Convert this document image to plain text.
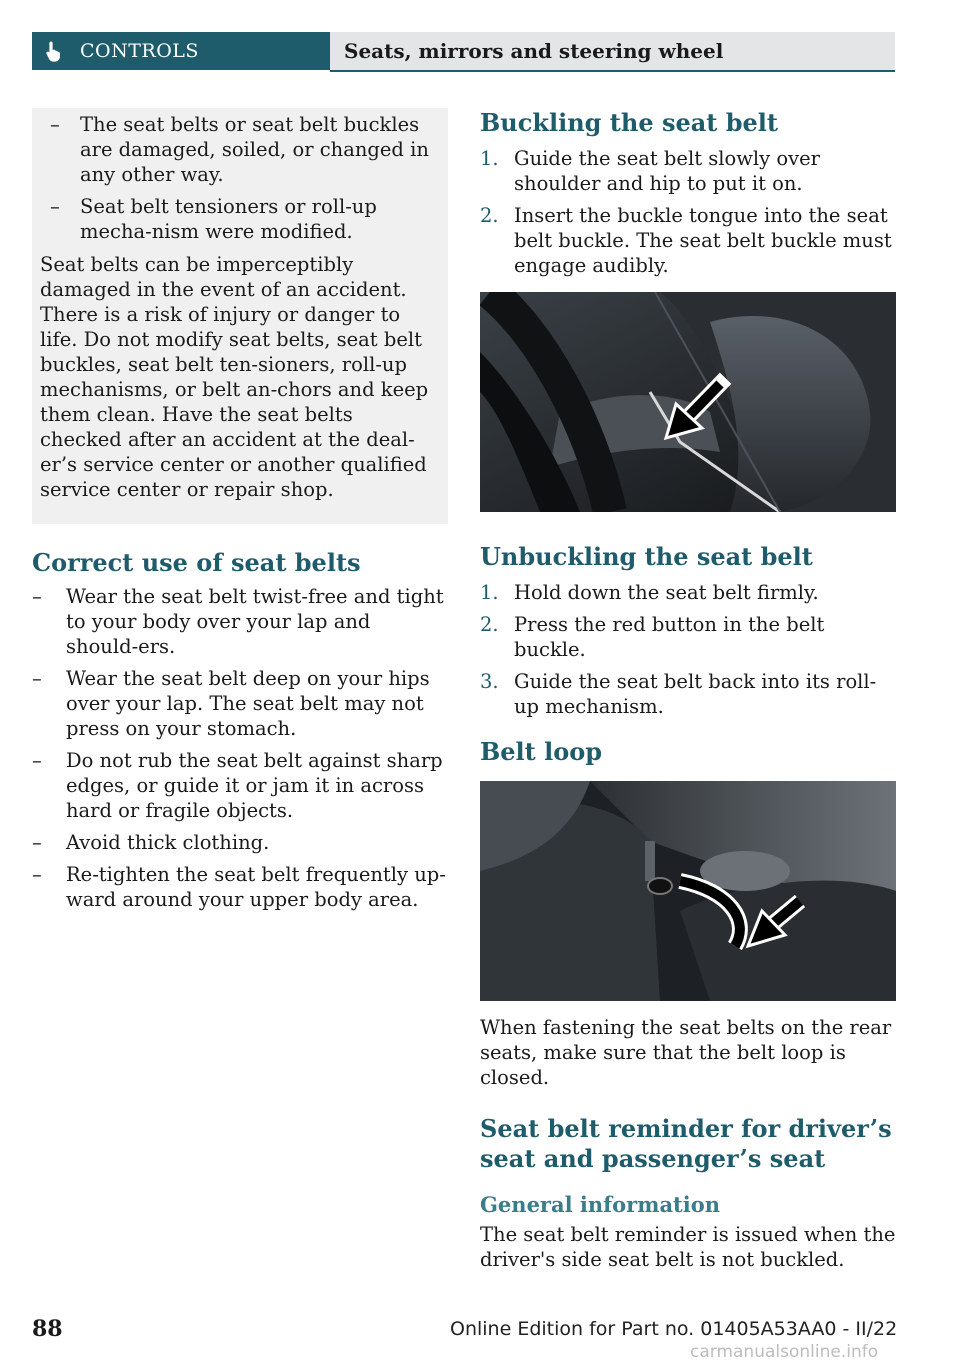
CONTROLS	Seats, mirrors and steering wheel
– The seat belts or seat belt buckles are damaged, soiled, or changed in any other way.
– Seat belt tensioners or roll-up mecha-nism were modified.

Seat belts can be imperceptibly damaged in the event of an accident. There is a risk of injury or danger to life. Do not modify seat belts, seat belt buckles, seat belt ten-sioners, roll-up mechanisms, or belt an-chors and keep them clean. Have the seat belts checked after an accident at the deal-er’s service center or another qualified service center or repair shop.

Correct use of seat belts
– Wear the seat belt twist-free and tight to your body over your lap and should-ers.
– Wear the seat belt deep on your hips over your lap. The seat belt may not press on your stomach.
– Do not rub the seat belt against sharp edges, or guide it or jam it in across hard or fragile objects.
– Avoid thick clothing.
– Re-tighten the seat belt frequently up-ward around your upper body area.
Buckling the seat belt
1. Guide the seat belt slowly over shoulder and hip to put it on.
2. Insert the buckle tongue into the seat belt buckle. The seat belt buckle must engage audibly.
Unbuckling the seat belt
1. Hold down the seat belt firmly.
2. Press the red button in the belt buckle.
3. Guide the seat belt back into its roll-up mechanism.
Belt loop

When fastening the seat belts on the rear seats, make sure that the belt loop is closed.

Seat belt reminder for driver’s seat and passenger’s seat
General information

The seat belt reminder is issued when the driver's side seat belt is not buckled.

88	Online Edition for Part no. 01405A53AA0 - II/22
carmanualsonline.info
